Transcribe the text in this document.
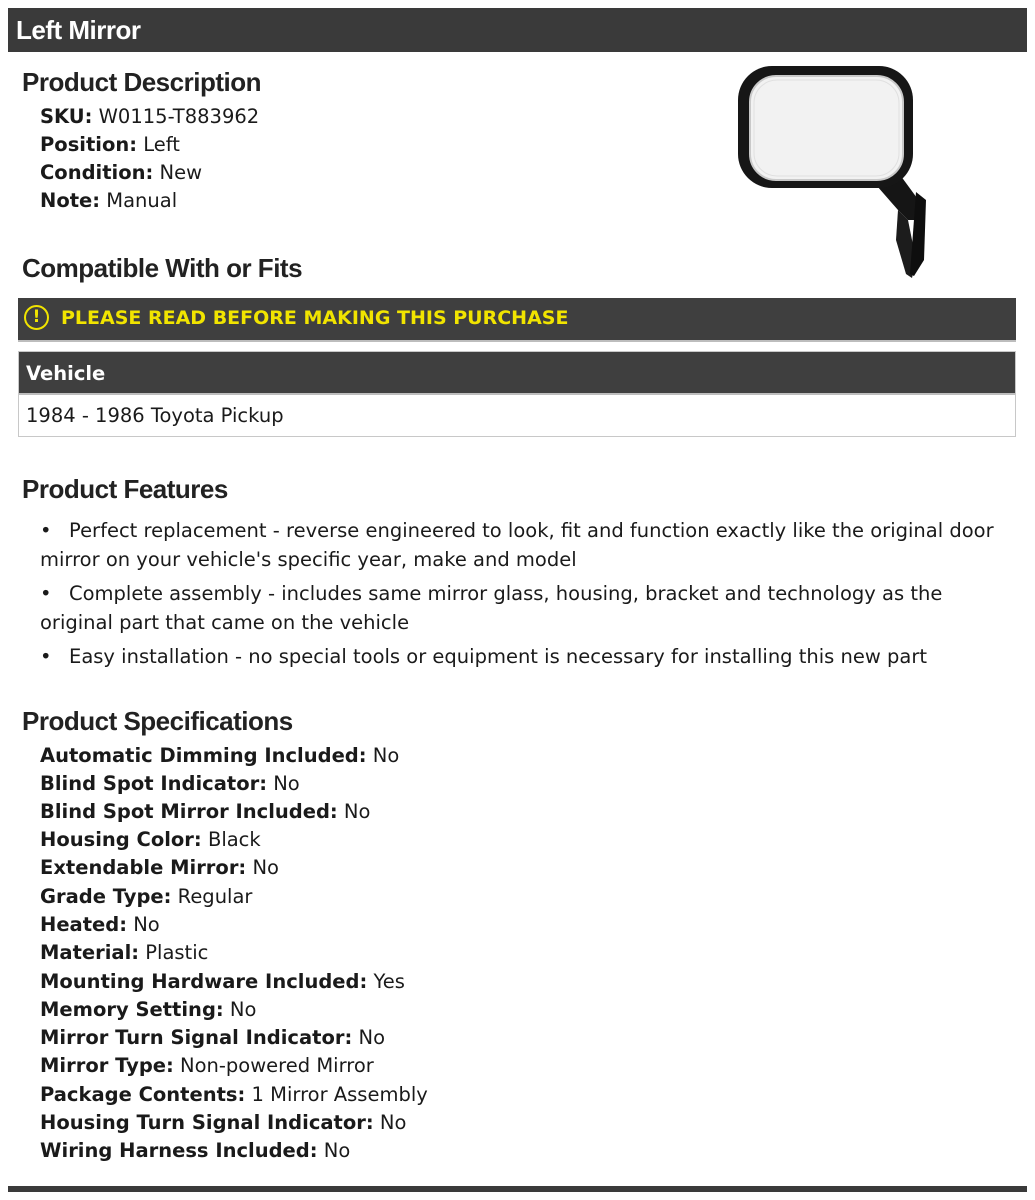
Left Mirror
Product Description
SKU: W0115-T883962
Position: Left
Condition: New
Note: Manual
Compatible With or Fits
!	PLEASE READ BEFORE MAKING THIS PURCHASE
Vehicle
1984 - 1986 Toyota Pickup
Product Features
• Perfect replacement - reverse engineered to look, fit and function exactly like the original door mirror on your vehicle's specific year, make and model
• Complete assembly - includes same mirror glass, housing, bracket and technology as the original part that came on the vehicle
• Easy installation - no special tools or equipment is necessary for installing this new part
Product Specifications
Automatic Dimming Included: No
Blind Spot Indicator: No
Blind Spot Mirror Included: No
Housing Color: Black
Extendable Mirror: No
Grade Type: Regular
Heated: No
Material: Plastic
Mounting Hardware Included: Yes
Memory Setting: No
Mirror Turn Signal Indicator: No
Mirror Type: Non-powered Mirror
Package Contents: 1 Mirror Assembly
Housing Turn Signal Indicator: No
Wiring Harness Included: No
